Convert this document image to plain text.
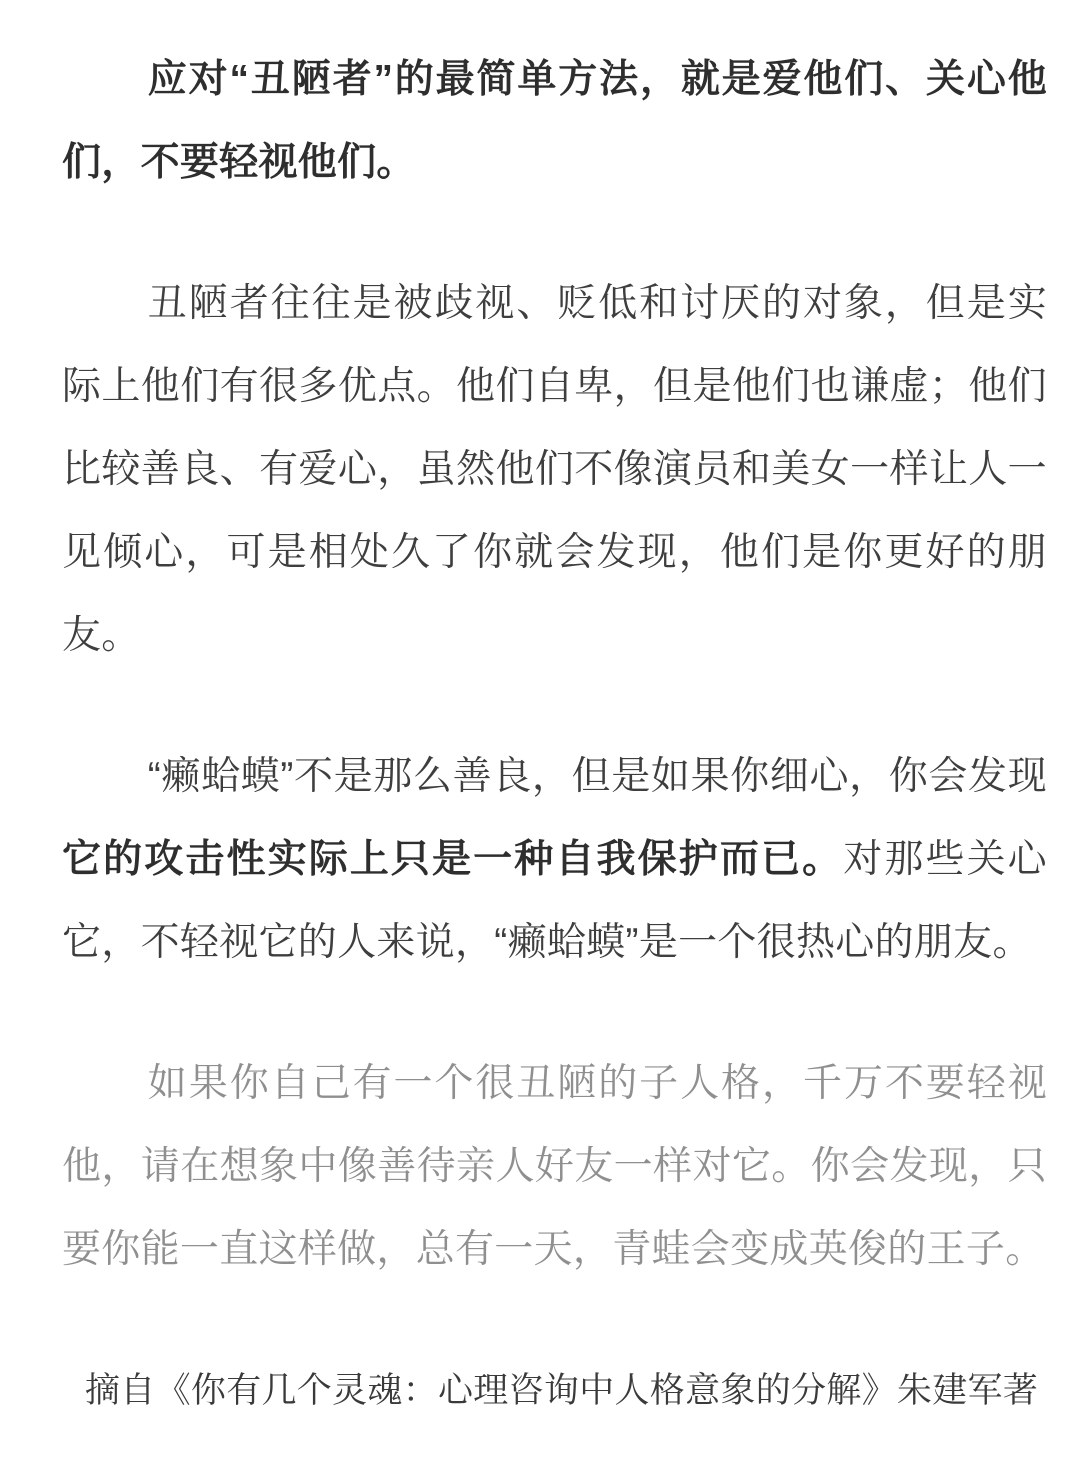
应对“丑陋者”的最简单方法，就是爱他们、关心他们，不要轻视他们。

丑陋者往往是被歧视、贬低和讨厌的对象，但是实际上他们有很多优点。他们自卑，但是他们也谦虚；他们比较善良、有爱心，虽然他们不像演员和美女一样让人一见倾心，可是相处久了你就会发现，他们是你更好的朋友。

“癞蛤蟆”不是那么善良，但是如果你细心，你会发现它的攻击性实际上只是一种自我保护而已。对那些关心它，不轻视它的人来说，“癞蛤蟆”是一个很热心的朋友。

如果你自己有一个很丑陋的子人格，千万不要轻视他，请在想象中像善待亲人好友一样对它。你会发现，只要你能一直这样做，总有一天，青蛙会变成英俊的王子。

摘自《你有几个灵魂：心理咨询中人格意象的分解》朱建军著
